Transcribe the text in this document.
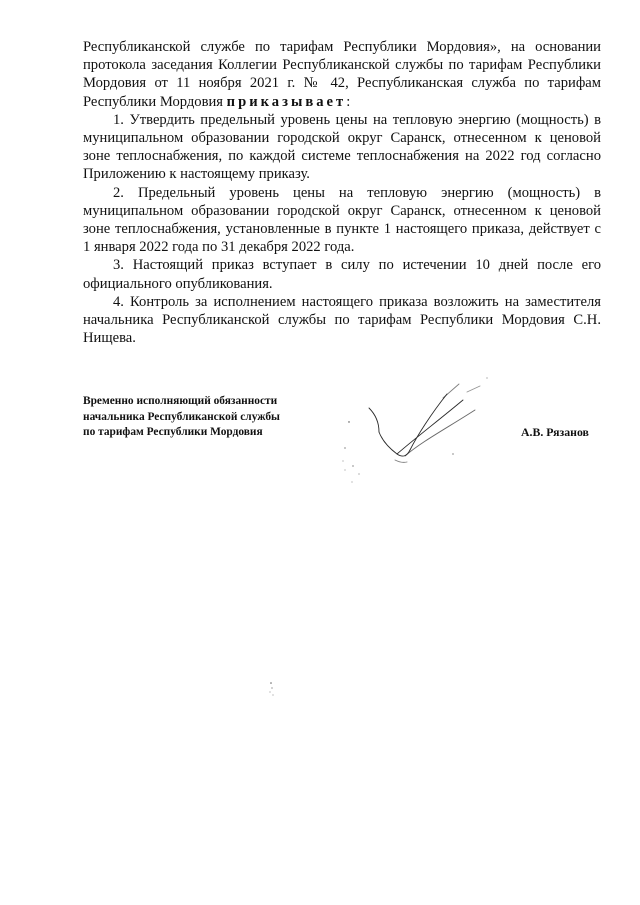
Республиканской службе по тарифам Республики Мордовия», на основании протокола заседания Коллегии Республиканской службы по тарифам Республики Мордовия от 11 ноября 2021 г. № 42, Республиканская служба по тарифам Республики Мордовия приказывает:

1. Утвердить предельный уровень цены на тепловую энергию (мощность) в муниципальном образовании городской округ Саранск, отнесенном к ценовой зоне теплоснабжения, по каждой системе теплоснабжения на 2022 год согласно Приложению к настоящему приказу.

2. Предельный уровень цены на тепловую энергию (мощность) в муниципальном образовании городской округ Саранск, отнесенном к ценовой зоне теплоснабжения, установленные в пункте 1 настоящего приказа, действует с 1 января 2022 года по 31 декабря 2022 года.

3. Настоящий приказ вступает в силу по истечении 10 дней после его официального опубликования.

4. Контроль за исполнением настоящего приказа возложить на заместителя начальника Республиканской службы по тарифам Республики Мордовия С.Н. Нищева.

Временно исполняющий обязанности
начальника Республиканской службы
по тарифам Республики Мордовия	А.В. Рязанов
